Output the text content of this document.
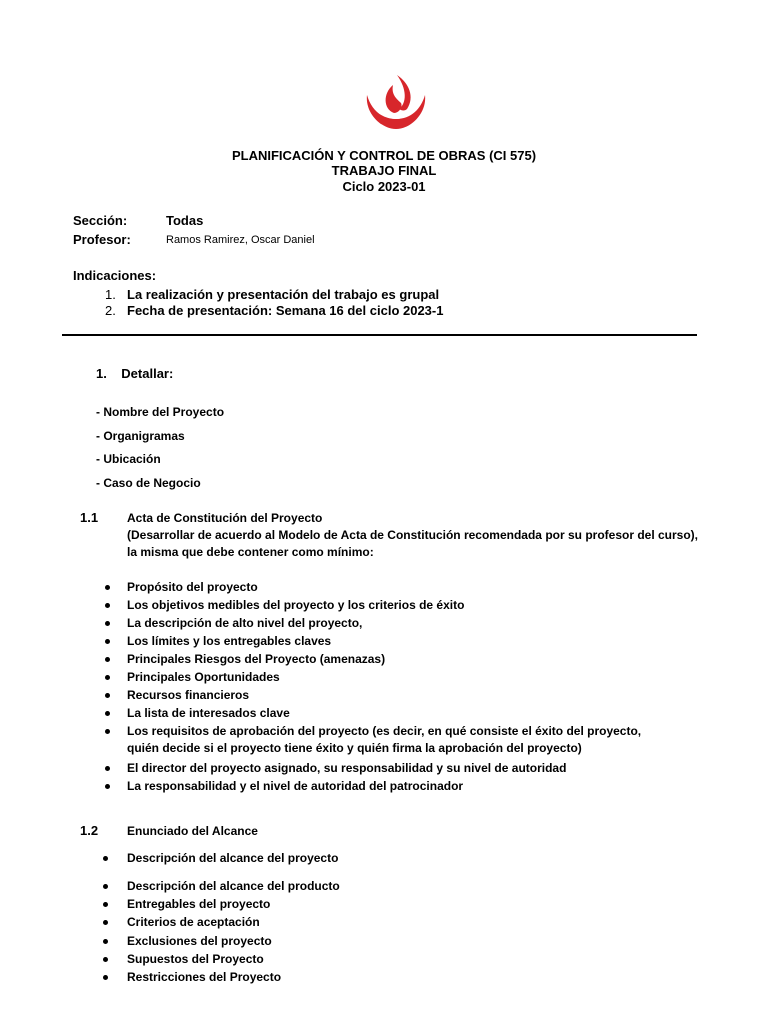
PLANIFICACIÓN Y CONTROL DE OBRAS (CI 575)
TRABAJO FINAL
Ciclo 2023-01
Sección:	Todas
Profesor:	Ramos Ramirez, Oscar Daniel
Indicaciones:
1. La realización y presentación del trabajo es grupal
2. Fecha de presentación: Semana 16 del ciclo 2023-1
1.    Detallar:
- Nombre del Proyecto
- Organigramas
- Ubicación
- Caso de Negocio
1.1 Acta de Constitución del Proyecto
(Desarrollar de acuerdo al Modelo de Acta de Constitución recomendada por su profesor del curso),
la misma que debe contener como mínimo:
Propósito del proyecto
Los objetivos medibles del proyecto y los criterios de éxito
La descripción de alto nivel del proyecto,
Los límites y los entregables claves
Principales Riesgos del Proyecto (amenazas)
Principales Oportunidades
Recursos financieros
La lista de interesados clave
Los requisitos de aprobación del proyecto (es decir, en qué consiste el éxito del proyecto,
quién decide si el proyecto tiene éxito y quién firma la aprobación del proyecto)
El director del proyecto asignado, su responsabilidad y su nivel de autoridad
La responsabilidad y el nivel de autoridad del patrocinador
1.2 Enunciado del Alcance
Descripción del alcance del proyecto
Descripción del alcance del producto
Entregables del proyecto
Criterios de aceptación
Exclusiones del proyecto
Supuestos del Proyecto
Restricciones del Proyecto
